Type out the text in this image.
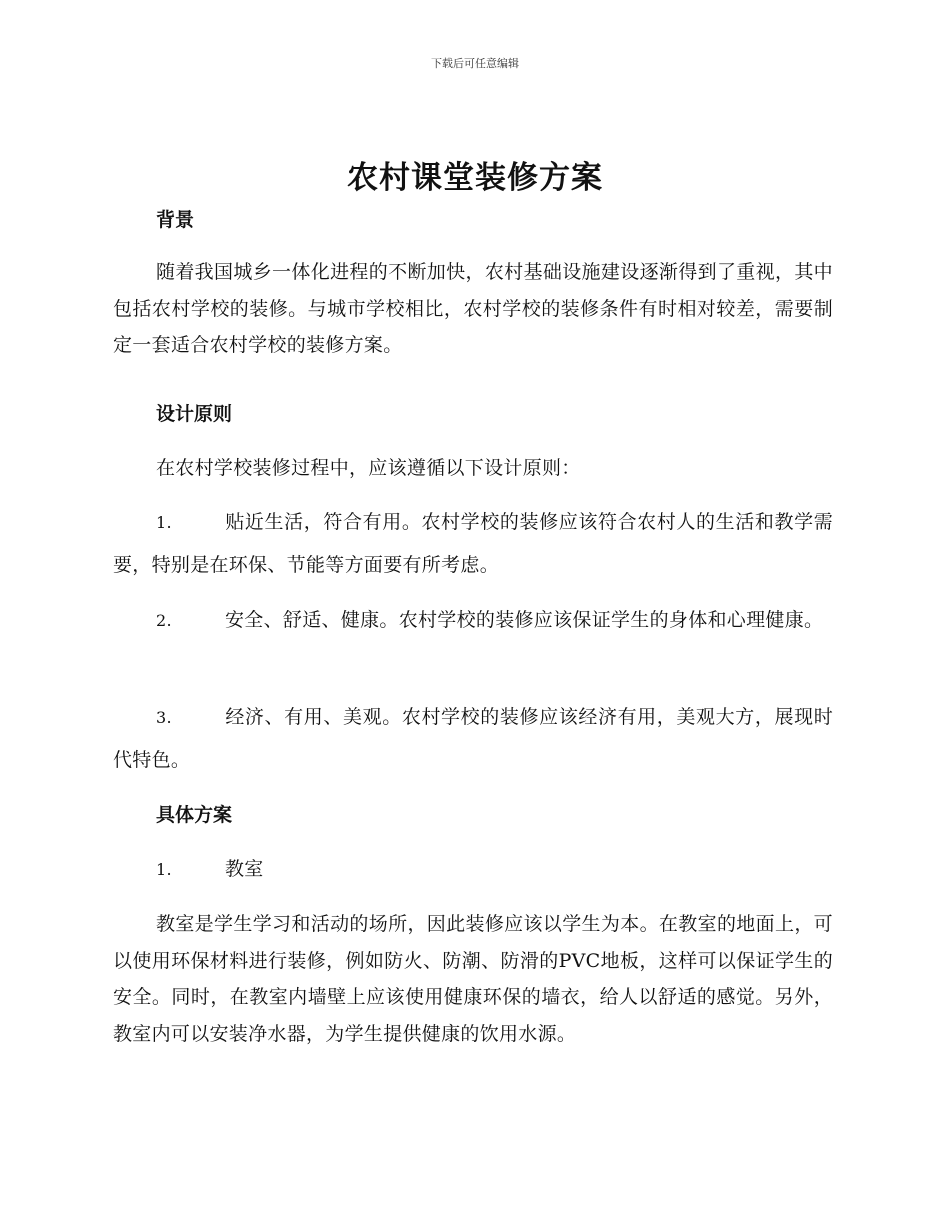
下载后可任意编辑
农村课堂装修方案
背景

随着我国城乡一体化进程的不断加快，农村基础设施建设逐渐得到了重视，其中包括农村学校的装修。与城市学校相比，农村学校的装修条件有时相对较差，需要制定一套适合农村学校的装修方案。

设计原则

在农村学校装修过程中，应该遵循以下设计原则：

1.	贴近生活，符合有用。农村学校的装修应该符合农村人的生活和教学需要，特别是在环保、节能等方面要有所考虑。

2.	安全、舒适、健康。农村学校的装修应该保证学生的身体和心理健康。

3.	经济、有用、美观。农村学校的装修应该经济有用，美观大方，展现时代特色。

具体方案

1.	教室

教室是学生学习和活动的场所，因此装修应该以学生为本。在教室的地面上，可以使用环保材料进行装修，例如防火、防潮、防滑的PVC地板，这样可以保证学生的安全。同时，在教室内墙壁上应该使用健康环保的墙衣，给人以舒适的感觉。另外，教室内可以安装净水器，为学生提供健康的饮用水源。
